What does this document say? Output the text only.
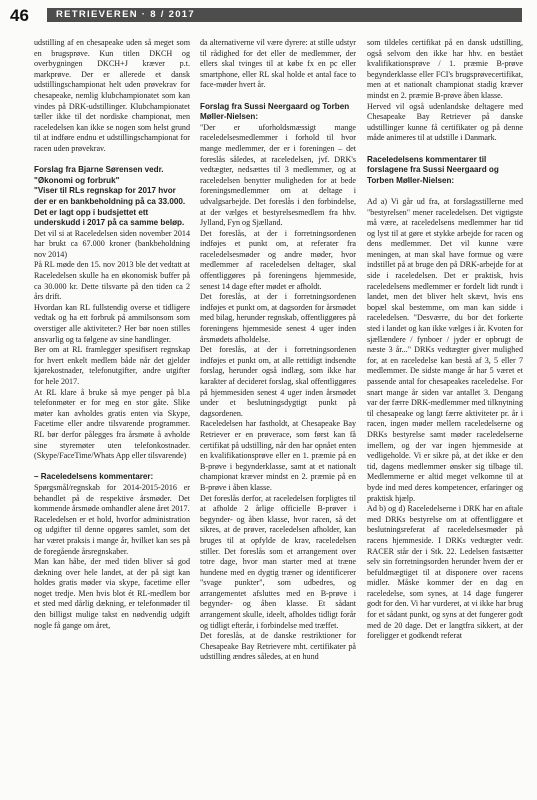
46	RETRIEVEREN · 8 / 2017

udstilling af en chesapeake uden så meget som en brugsprøve. Kun titlen DKCH og overbygningen DKCH+J kræver p.t. markprøve. Der er allerede et dansk udstillingschampionat helt uden prøvekrav for chesapeake, nemlig klubchampionatet som kan vindes på DRK-udstillinger. Klubchampionatet tæller ikke til det nordiske championat, men raceledelsen kan ikke se nogen som helst grund til at indføre endnu et udstillingschampionat for racen uden prøvekrav.

Forslag fra Bjarne Sørensen vedr. "Økonomi og forbruk"
"Viser til RLs regnskap for 2017 hvor der er en bankbeholdning på ca 33.000. Det er lagt opp i budsjettet ett underskudd i 2017 på ca samme beløp.

Det vil si at Raceledelsen siden november 2014 har brukt ca 67.000 kroner (bankbeholdning nov 2014)

På RL møde den 15. nov 2013 ble det vedtatt at Raceledelsen skulle ha en økonomisk buffer på ca 30.000 kr. Dette tilsvarte på den tiden ca 2 års drift.

Hvordan kan RL fullstendig overse et tidligere vedtak og ha ett forbruk på ammilsonsom som overstiger alle aktiviteter.? Her bør noen stilles ansvarlig og ta følgene av sine handlinger.

Ber om at RL framlegger spesifisert regnskap for hvert enkelt medlem både når det gjelder kjørekostnader, telefonutgifter, andre utgifter for hele 2017.

At RL klare å bruke så mye penger på bl.a telefonmøter er for meg en stor gåte. Slike møter kan avholdes gratis enten via Skype, Facetime eller andre tilsvarende programmer. RL bør derfor pålegges fra årsmøte å avholde sine styremøter uten telefonkostnader. (Skype/FaceTime/Whats App eller tilsvarende)

– Raceledelsens kommentarer:

Spørgsmål/regnskab for 2014-2015-2016 er behandlet på de respektive årsmøder. Det kommende årsmøde omhandler alene året 2017.

Raceledelsen er et hold, hvorfor administration og udgifter til denne opgøres samlet, som det har været praksis i mange år, hvilket kan ses på de foregående årsregnskaber.

Man kan håbe, der med tiden bliver så god dækning over hele landet, at der på sigt kan holdes gratis møder via skype, facetime eller noget tredje. Men hvis blot ét RL-medlem bor et sted med dårlig dækning, er telefonmøder til den billigst mulige takst en nødvendig udgift nogle få gange om året,

da alternativerne vil være dyrere: at stille udstyr til rådighed for det eller de medlemmer, der ellers skal tvinges til at købe fx en pc eller smartphone, eller RL skal holde et antal face to face-møder hvert år.

Forslag fra Sussi Neergaard og Torben Møller-Nielsen:

"Der er uforholdsmæssigt mange raceledelsesmedlemmer i forhold til hvor mange medlemmer, der er i foreningen – det foreslås således, at raceledelsen, jvf. DRK's vedtægter, nedsættes til 3 medlemmer, og at raceledelsen benytter muligheden for at bede foreningsmedlemmer om at deltage i udvalgsarbejde. Det foreslås i den forbindelse, at der vælges et bestyrelsesmedlem fra hhv. Jylland, Fyn og Sjælland.

Det foreslås, at der i forretningsordenen indføjes et punkt om, at referater fra raceledelsesmøder og andre møder, hvor medlemmer af raceledelsen deltager, skal offentliggøres på foreningens hjemmeside, senest 14 dage efter mødet er afholdt.

Det foreslås, at der i forretningsordenen indføjes et punkt om, at dagsorden for årsmødet med bilag, herunder regnskab, offentliggøres på foreningens hjemmeside senest 4 uger inden årsmødets afholdelse.

Det foreslås, at der i forretningsordenen indføjes et punkt om, at alle rettidigt indsendte forslag, herunder også indlæg, som ikke har karakter af decideret forslag, skal offentliggøres på hjemmesiden senest 4 uger inden årsmødet under et beslutningsdygtigt punkt på dagsordenen.

Raceledelsen har fastholdt, at Chesapeake Bay Retriever er en prøverace, som først kan få certifikat på udstilling, når den har opnået enten en kvalifikationsprøve eller en 1. præmie på en B-prøve i begynderklasse, samt at et nationalt championat kræver mindst en 2. præmie på en B-prøve i åben klasse.

Det foreslås derfor, at raceledelsen forpligtes til at afholde 2 årlige officielle B-prøver i begynder- og åben klasse, hvor racen, så det sikres, at de prøver, raceledelsen afholder, kan bruges til at opfylde de krav, raceledelsen stiller. Det foreslås som et arrangement over totre dage, hvor man starter med at træne hundene med en dygtig træner og identificerer "svage punkter", som udbedres, og arrangementet afsluttes med en B-prøve i begynder- og åben klasse. Et sådant arrangement skulle, ideelt, afholdes tidligt forår og tidligt efterår, i forbindelse med træffet.

Det foreslås, at de danske restriktioner for Chesapeake Bay Retrievere mht. certifikater på udstilling ændres således, at en hund

som tildeles certifikat på en dansk udstilling, også selvom den ikke har hhv. en bestået kvalifikationsprøve / 1. præmie B-prøve begynderklasse eller FCI's brugsprøvecertifikat, men at et nationalt championat stadig kræver mindst en 2. præmie B-prøve åben klasse.

Herved vil også udenlandske deltagere med Chesapeake Bay Retriever på danske udstillinger kunne få certifikater og på denne måde animeres til at udstille i Danmark.

Raceledelsens kommentarer til forslagene fra Sussi Neergaard og Torben Møller-Nielsen:

Ad a) Vi går ud fra, at forslagsstillerne med "bestyrelsen" mener raceledelsen. Det vigtigste må være, at raceledelsens medlemmer har tid og lyst til at gøre et stykke arbejde for racen og dens medlemmer. Det vil kunne være meningen, at man skal have formue og være indstillet på at bruge den på DRK-arbejde for at side i raceledelsen. Det er praktisk, hvis raceledelsens medlemmer er fordelt lidt rundt i landet, men det bliver helt skævt, hvis ens bopæl skal bestemme, om man kan sidde i raceledelsen. "Desværre, du bor det forkerte sted i landet og kan ikke vælges i år. Kvoten for sjællændere / fynboer / jyder er opbrugt de næste 3 år..." DRKs vedtægter giver mulighed for, at en raceledelse kan bestå af 3, 5 eller 7 medlemmer. De sidste mange år har 5 været et passende antal for chesapeakes raceledelse. For snart mange år siden var antallet 3. Dengang var der færre DRK-medlemmer med tilknytning til chesapeake og langt færre aktiviteter pr. år i racen, ingen møder mellem raceledelserne og DRKs bestyrelse samt møder raceledelserne imellem, og der var ingen hjemmeside at vedligeholde. Vi er sikre på, at det ikke er den tid, dagens medlemmer ønsker sig tilbage til. Medlemmerne er altid meget velkomne til at byde ind med deres kompetencer, erfaringer og praktisk hjælp.

Ad b) og d) Raceledelserne i DRK har en aftale med DRKs bestyrelse om at offentliggøre et beslutningsreferat af raceledelsesmøder på racens hjemmeside. I DRKs vedtægter vedr. RACER står der i Stk. 22. Ledelsen fastsætter selv sin forretningsorden herunder hvem der er befuldmægtiget til at disponere over racens midler. Måske kommer der en dag en raceledelse, som synes, at 14 dage fungerer godt for den. Vi har vurderet, at vi ikke har brug for et sådant punkt, og syns at det fungerer godt med de 20 dage. Det er langtfra sikkert, at der foreligger et godkendt referat
